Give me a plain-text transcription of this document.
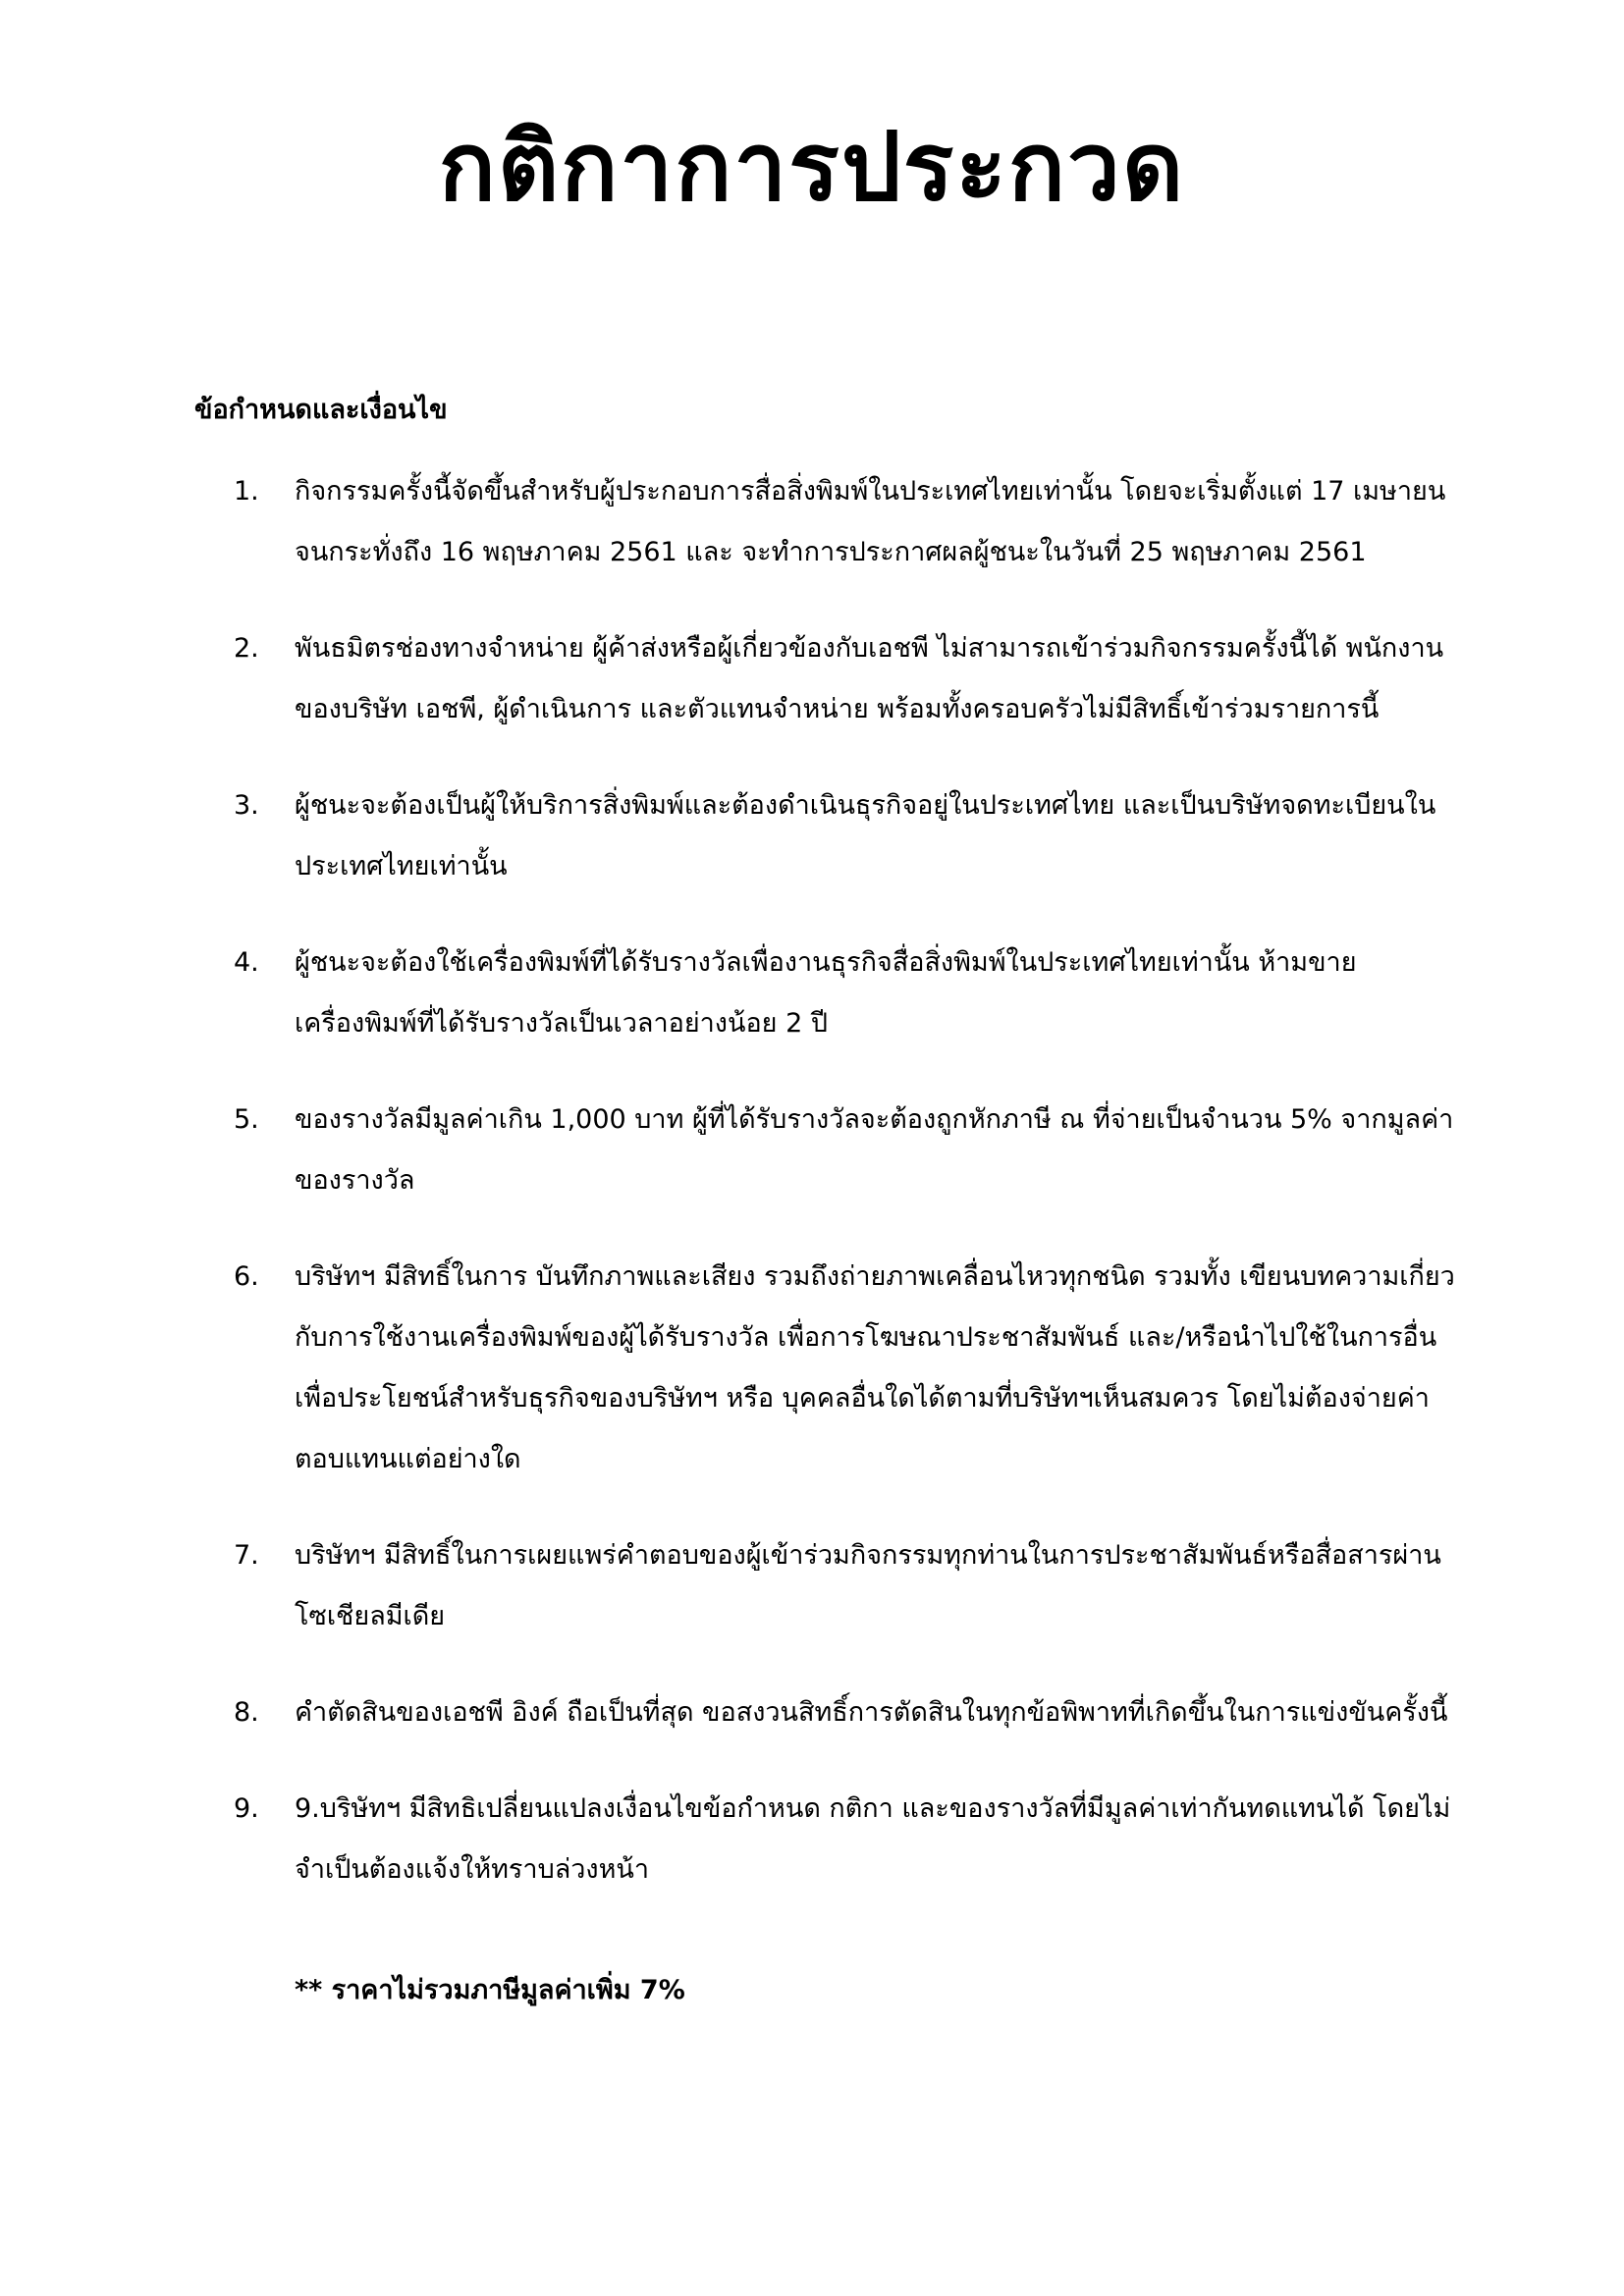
กติกาการประกวด
ข้อกำหนดและเงื่อนไข
1.	กิจกรรมครั้งนี้จัดขึ้นสำหรับผู้ประกอบการสื่อสิ่งพิมพ์ในประเทศไทยเท่านั้น โดยจะเริ่มตั้งแต่ 17 เมษายน จนกระทั่งถึง 16 พฤษภาคม 2561 และ จะทำการประกาศผลผู้ชนะในวันที่ 25 พฤษภาคม 2561
2.	พันธมิตรช่องทางจำหน่าย ผู้ค้าส่งหรือผู้เกี่ยวข้องกับเอชพี ไม่สามารถเข้าร่วมกิจกรรมครั้งนี้ได้ พนักงานของบริษัท เอชพี, ผู้ดำเนินการ และตัวแทนจำหน่าย พร้อมทั้งครอบครัวไม่มีสิทธิ์เข้าร่วมรายการนี้
3.	ผู้ชนะจะต้องเป็นผู้ให้บริการสิ่งพิมพ์และต้องดำเนินธุรกิจอยู่ในประเทศไทย และเป็นบริษัทจดทะเบียนในประเทศไทยเท่านั้น
4.	ผู้ชนะจะต้องใช้เครื่องพิมพ์ที่ได้รับรางวัลเพื่องานธุรกิจสื่อสิ่งพิมพ์ในประเทศไทยเท่านั้น ห้ามขายเครื่องพิมพ์ที่ได้รับรางวัลเป็นเวลาอย่างน้อย 2 ปี
5.	ของรางวัลมีมูลค่าเกิน 1,000 บาท ผู้ที่ได้รับรางวัลจะต้องถูกหักภาษี ณ ที่จ่ายเป็นจำนวน 5% จากมูลค่าของรางวัล
6.	บริษัทฯ มีสิทธิ์ในการ บันทึกภาพและเสียง รวมถึงถ่ายภาพเคลื่อนไหวทุกชนิด รวมทั้ง เขียนบทความเกี่ยวกับการใช้งานเครื่องพิมพ์ของผู้ได้รับรางวัล เพื่อการโฆษณาประชาสัมพันธ์ และ/หรือนำไปใช้ในการอื่น เพื่อประโยชน์สำหรับธุรกิจของบริษัทฯ หรือ บุคคลอื่นใดได้ตามที่บริษัทฯเห็นสมควร โดยไม่ต้องจ่ายค่าตอบแทนแต่อย่างใด
7.	บริษัทฯ มีสิทธิ์ในการเผยแพร่คำตอบของผู้เข้าร่วมกิจกรรมทุกท่านในการประชาสัมพันธ์หรือสื่อสารผ่านโซเชียลมีเดีย
8.	คำตัดสินของเอชพี อิงค์ ถือเป็นที่สุด ขอสงวนสิทธิ์การตัดสินในทุกข้อพิพาทที่เกิดขึ้นในการแข่งขันครั้งนี้
9.	9.บริษัทฯ มีสิทธิเปลี่ยนแปลงเงื่อนไขข้อกำหนด กติกา และของรางวัลที่มีมูลค่าเท่ากันทดแทนได้ โดยไม่จำเป็นต้องแจ้งให้ทราบล่วงหน้า
** ราคาไม่รวมภาษีมูลค่าเพิ่ม 7%
